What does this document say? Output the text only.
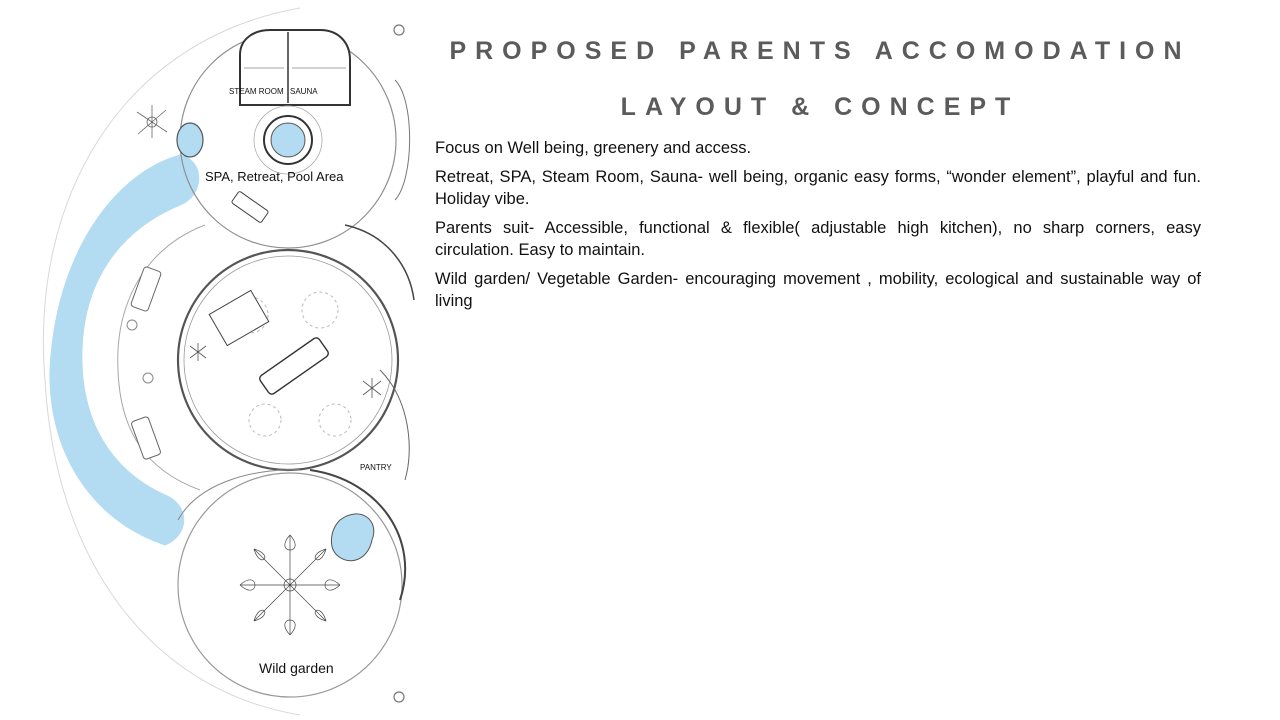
STEAM ROOM SAUNA
SPA, Retreat, Pool Area
PANTRY
Wild garden
PROPOSED PARENTS ACCOMODATION
LAYOUT & CONCEPT

Focus on Well being, greenery and access.

Retreat, SPA, Steam Room, Sauna- well being, organic easy forms, “wonder element”, playful and fun. Holiday vibe.

Parents suit- Accessible, functional & flexible( adjustable high kitchen), no sharp corners, easy circulation. Easy to maintain.

Wild garden/ Vegetable Garden- encouraging movement , mobility, ecological and sustainable way of living
